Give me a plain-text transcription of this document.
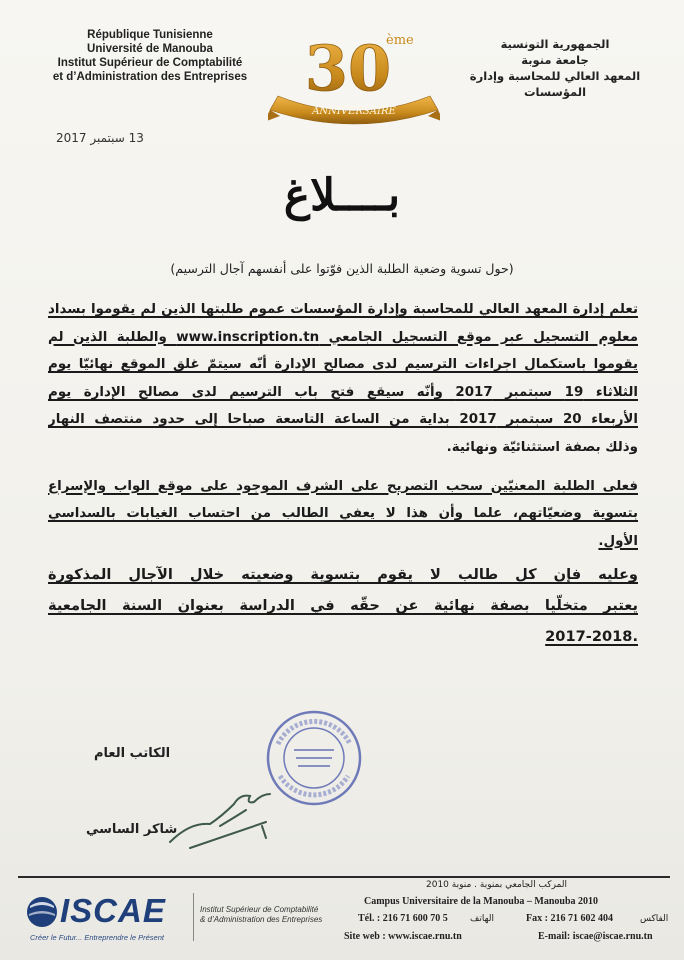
République Tunisienne
Université de Manouba
Institut Supérieur de Comptabilité
et d’Administration des Entreprises 30
ème
ANNIVERSAIRE
الجمهورية التونسية
جامعة منوبة
المعهد العالي للمحاسبة وإدارة المؤسسات
13 سبتمبر 2017
بــــلاغ
(حول تسوية وضعية الطلبة الذين فوّتوا على أنفسهم آجال الترسيم)
تعلم إدارة المعهد العالي للمحاسبة وإدارة المؤسسات عموم طلبتها الذين لم يقوموا بسداد
معلوم التسجيل عبر موقع التسجيل الجامعي www.inscription.tn والطلبة الذين لم
يقوموا باستكمال اجراءات الترسيم لدى مصالح الإدارة أنّه سيتمّ غلق الموقع نهائيّا يوم
الثلاثاء 19 سبتمبر 2017 وأنّه سيقع فتح باب الترسيم لدى مصالح الإدارة يوم
الأربعاء 20 سبتمبر 2017 بداية من الساعة التاسعة صباحا إلى حدود منتصف النهار
وذلك بصفة استثنائيّة ونهائية.
فعلى الطلبة المعنيّين سحب التصريح على الشرف الموجود على موقع الواب والإسراع
بتسوية وضعيّاتهم، علما وأن هذا لا يعفي الطالب من احتساب الغيابات بالسداسي
الأول.
وعليه فإن كل طالب لا يقوم بتسوية وضعيته خلال الآجال المذكورة
يعتبر متخلّيا بصفة نهائية عن حقّه في الدراسة بعنوان السنة الجامعية
2017-2018.
الكاتب العام
شاكر الساسي
ISCAE
Créer le Futur... Entreprendre le Présent
Institut Supérieur de Comptabilité
& d’Administration des Entreprises
المركب الجامعي بمنوبة . منوبة 2010
Campus Universitaire de la Manouba – Manouba 2010
Tél. : 216 71 600 70 5 الهاتف	Fax : 216 71 602 404	الفاكس
Site web : www.iscae.rnu.tn	E-mail: iscae@iscae.rnu.tn
